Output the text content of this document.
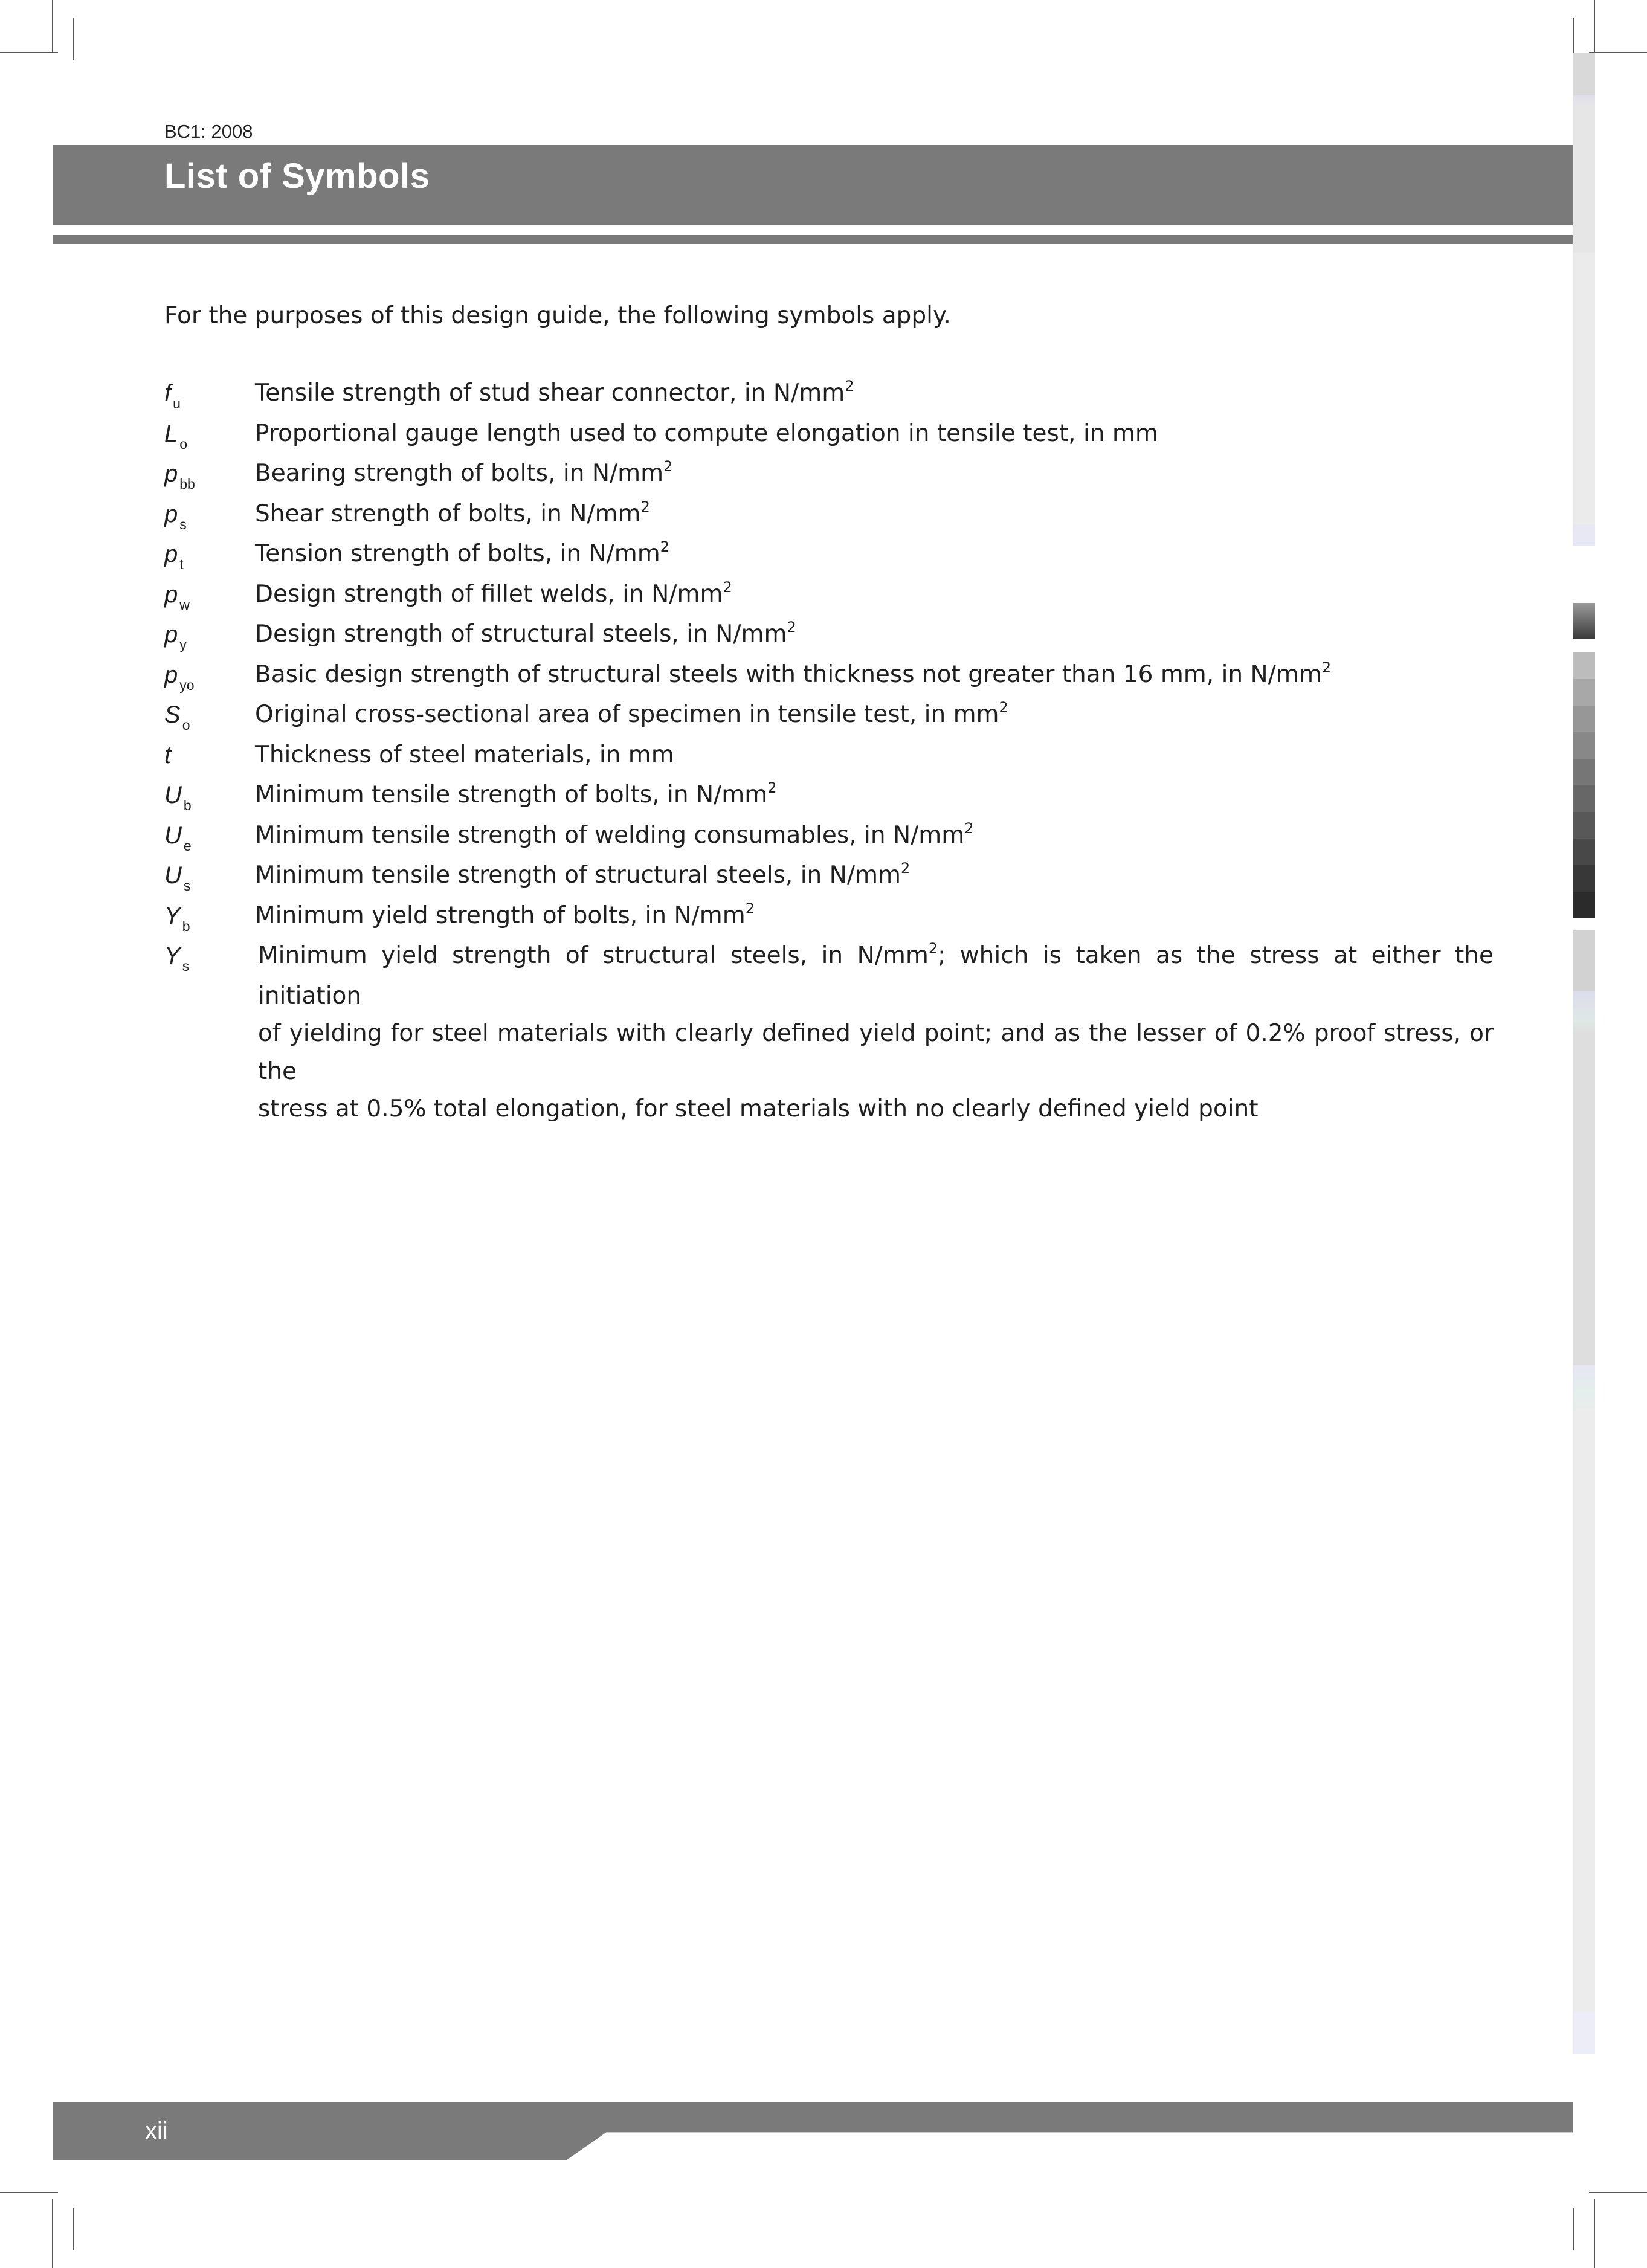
BC1: 2008
List of Symbols

For the purposes of this design guide, the following symbols apply.

f $_u$	Tensile strength of stud shear connector, in $N/mm^2$
L $_o$	Proportional gauge length used to compute elongation in tensile test, in mm
p $_{bb}$	Bearing strength of bolts, in $N/mm^2$
p $_s$	Shear strength of bolts, in $N/mm^2$
p $_t$	Tension strength of bolts, in $N/mm^2$
p $_w$	Design strength of fillet welds, in $N/mm^2$
p $_y$	Design strength of structural steels, in $N/mm^2$
p $_{yo}$	Basic design strength of structural steels with thickness not greater than 16 mm, in $N/mm^2$
S $_o$	Original cross-sectional area of specimen in tensile test, in $mm^2$
t	Thickness of steel materials, in mm
U $_b$	Minimum tensile strength of bolts, in $N/mm^2$
U $_e$	Minimum tensile strength of welding consumables, in $N/mm^2$
U $_s$	Minimum tensile strength of structural steels, in $N/mm^2$
Y $_b$	Minimum yield strength of bolts, in $N/mm^2$
Y $_s$	Minimum yield strength of structural steels, in $N/mm^2$; which is taken as the stress at either the initiation
of yielding for steel materials with clearly defined yield point; and as the lesser of 0.2% proof stress, or the
stress at 0.5% total elongation, for steel materials with no clearly defined yield point
xii
